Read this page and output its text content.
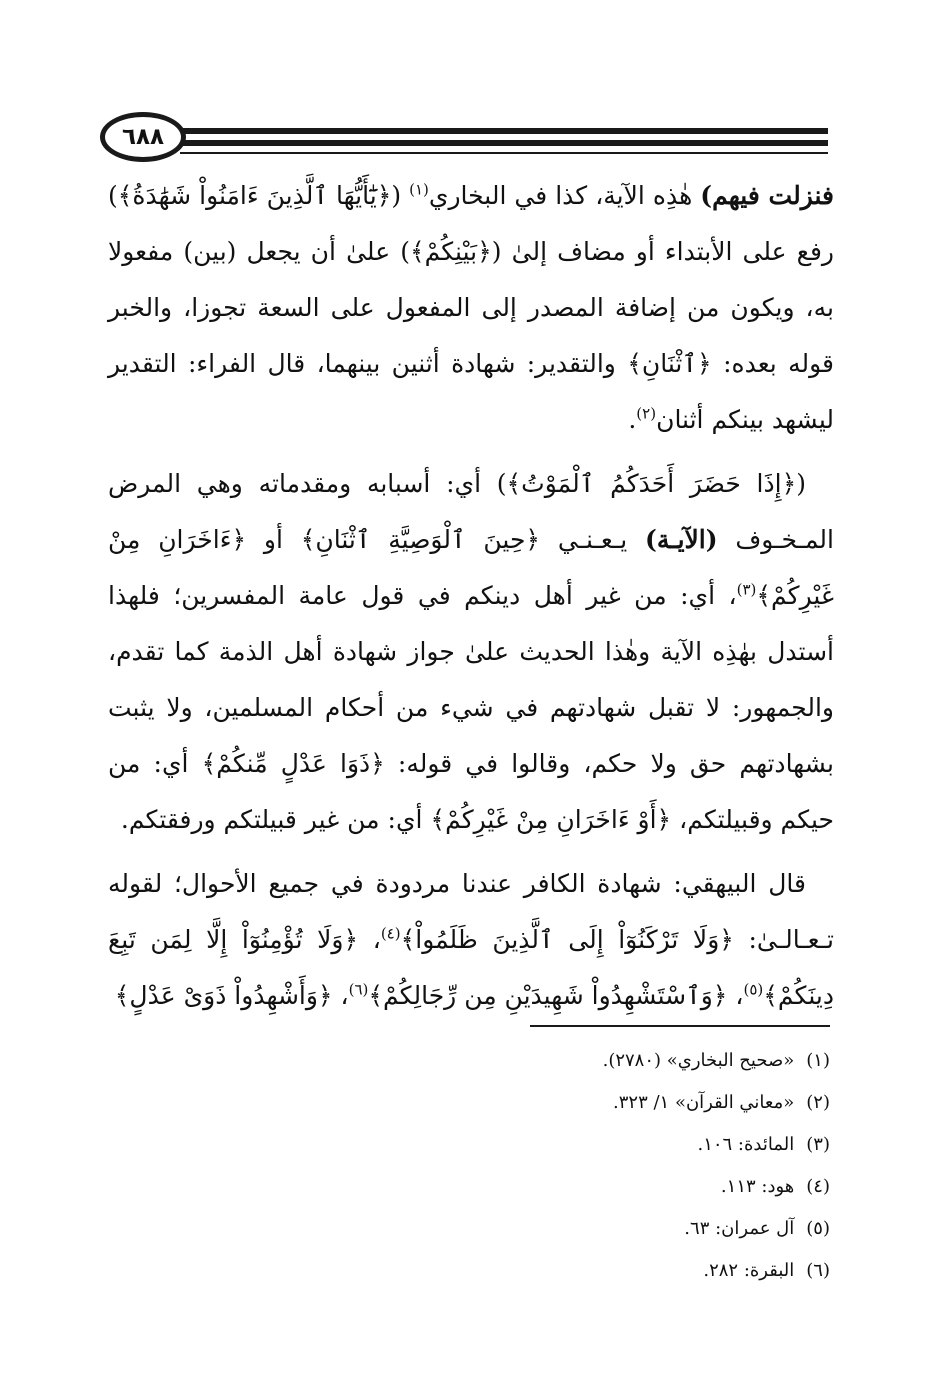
٦٨٨

فنزلت فيهم) هٰذِه الآية، كذا في البخاري$^{(١)}$ (﴿يَٰٓأَيُّهَا ٱلَّذِينَ ءَامَنُواْ شَهَٰدَةُ﴾) رفع على الأبتداء أو مضاف إلىٰ (﴿بَيْنِكُمْ﴾) علىٰ أن يجعل (بين) مفعولا به، ويكون من إضافة المصدر إلى المفعول على السعة تجوزا، والخبر قوله بعده: ﴿ٱثْنَانِ﴾ والتقدير: شهادة أثنين بينهما، قال الفراء: التقدير ليشهد بينكم أثنان$^{(٢)}$.

(﴿إِذَا حَضَرَ أَحَدَكُمُ ٱلْمَوْتُ﴾) أي: أسبابه ومقدماته وهي المرض المـخـوف (الآيـة) يـعـنـي ﴿حِينَ ٱلْوَصِيَّةِ ٱثْنَانِ﴾ أو ﴿ءَاخَرَانِ مِنْ غَيْرِكُمْ﴾$^{(٣)}$، أي: من غير أهل دينكم في قول عامة المفسرين؛ فلهذا أستدل بهٰذِه الآية وهٰذا الحديث علىٰ جواز شهادة أهل الذمة كما تقدم، والجمهور: لا تقبل شهادتهم في شيء من أحكام المسلمين، ولا يثبت بشهادتهم حق ولا حكم، وقالوا في قوله: ﴿ذَوَا عَدْلٍ مِّنكُمْ﴾ أي: من حيكم وقبيلتكم، ﴿أَوْ ءَاخَرَانِ مِنْ غَيْرِكُمْ﴾ أي: من غير قبيلتكم ورفقتكم.

قال البيهقي: شهادة الكافر عندنا مردودة في جميع الأحوال؛ لقوله تـعـالـىٰ: ﴿وَلَا تَرْكَنُوٓاْ إِلَى ٱلَّذِينَ ظَلَمُواْ﴾$^{(٤)}$، ﴿وَلَا تُؤْمِنُوٓاْ إِلَّا لِمَن تَبِعَ دِينَكُمْ﴾$^{(٥)}$، ﴿وَٱسْتَشْهِدُواْ شَهِيدَيْنِ مِن رِّجَالِكُمْ﴾$^{(٦)}$، ﴿وَأَشْهِدُواْ ذَوَىْ عَدْلٍ﴾

(١)«صحيح البخاري» (٢٧٨٠).
(٢)«معاني القرآن» ١/ ٣٢٣.
(٣)المائدة: ١٠٦.
(٤)هود: ١١٣.
(٥)آل عمران: ٦٣.
(٦)البقرة: ٢٨٢.
